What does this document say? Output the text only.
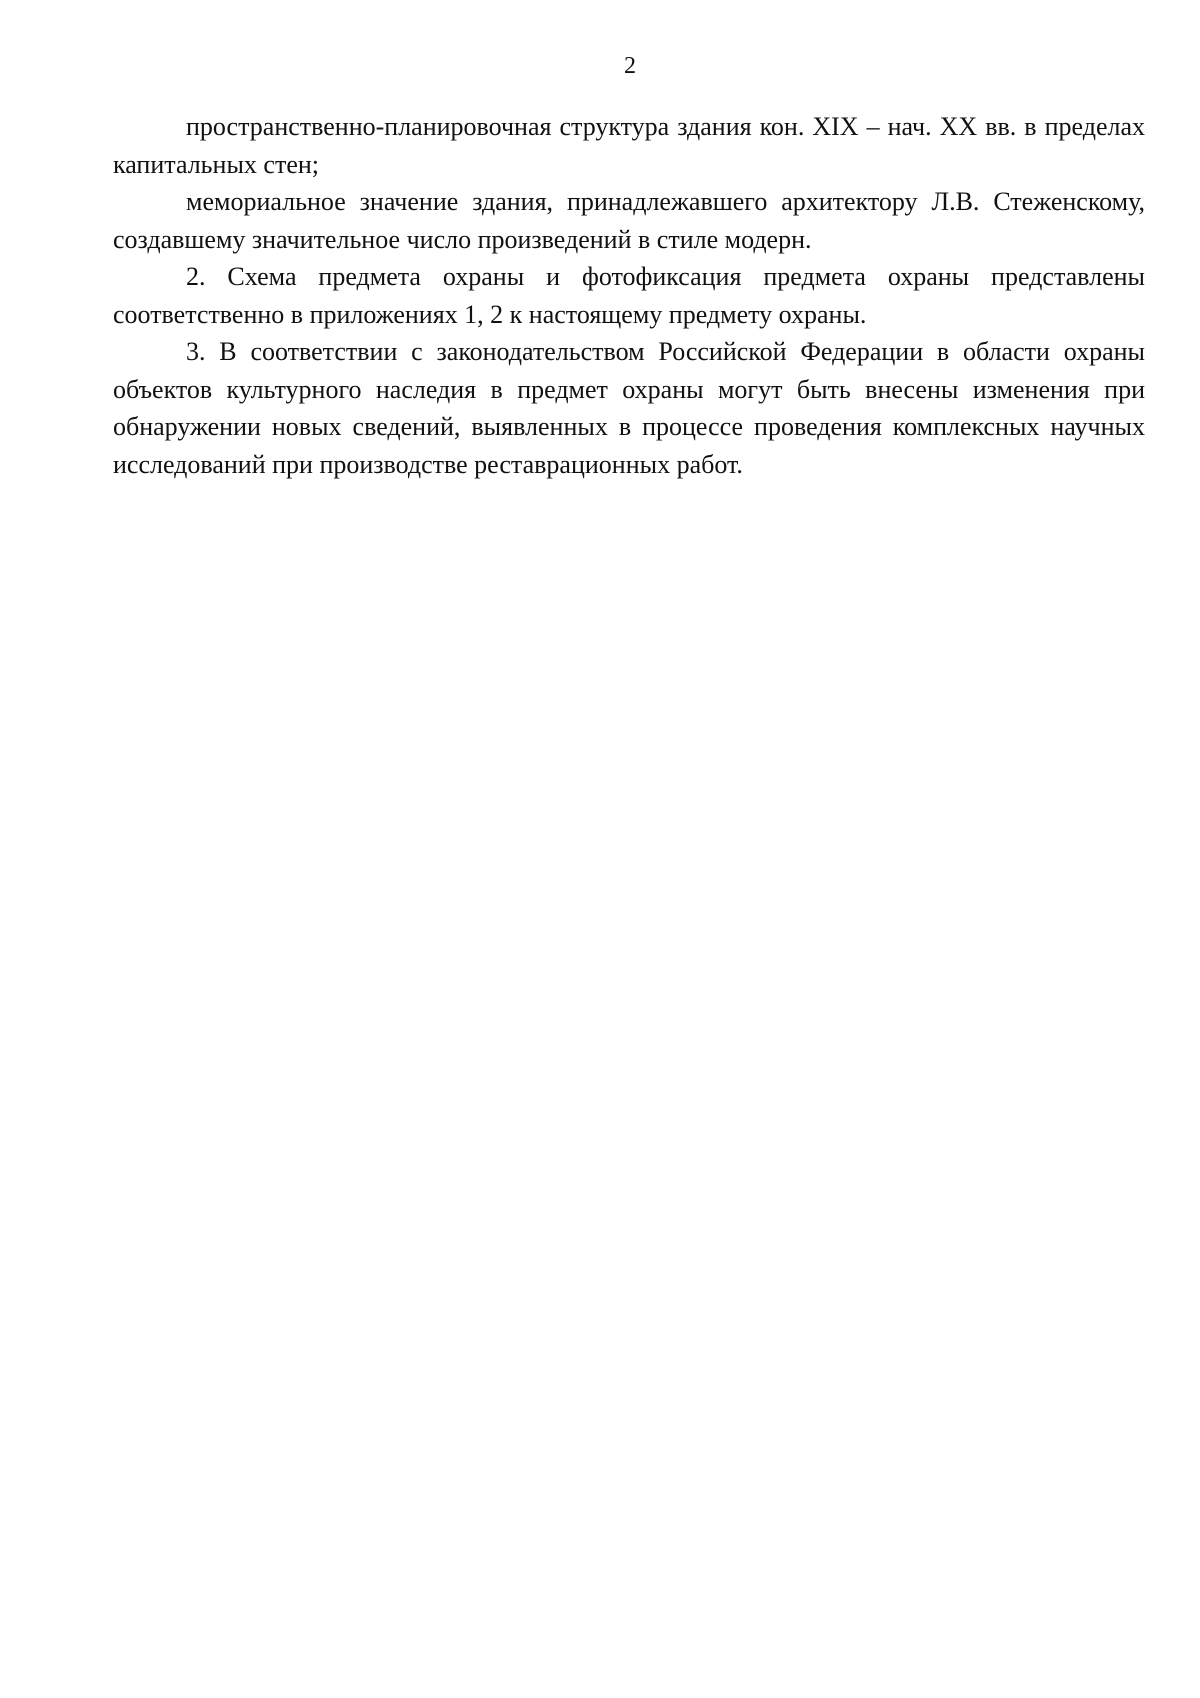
2

пространственно-планировочная структура здания кон. XIX – нач. XX вв. в пределах капитальных стен;

мемориальное значение здания, принадлежавшего архитектору Л.В. Стеженскому, создавшему значительное число произведений в стиле модерн.

2. Схема предмета охраны и фотофиксация предмета охраны представлены соответственно в приложениях 1, 2 к настоящему предмету охраны.

3. В соответствии с законодательством Российской Федерации в области охраны объектов культурного наследия в предмет охраны могут быть внесены изменения при обнаружении новых сведений, выявленных в процессе проведения комплексных научных исследований при производстве реставрационных работ.
